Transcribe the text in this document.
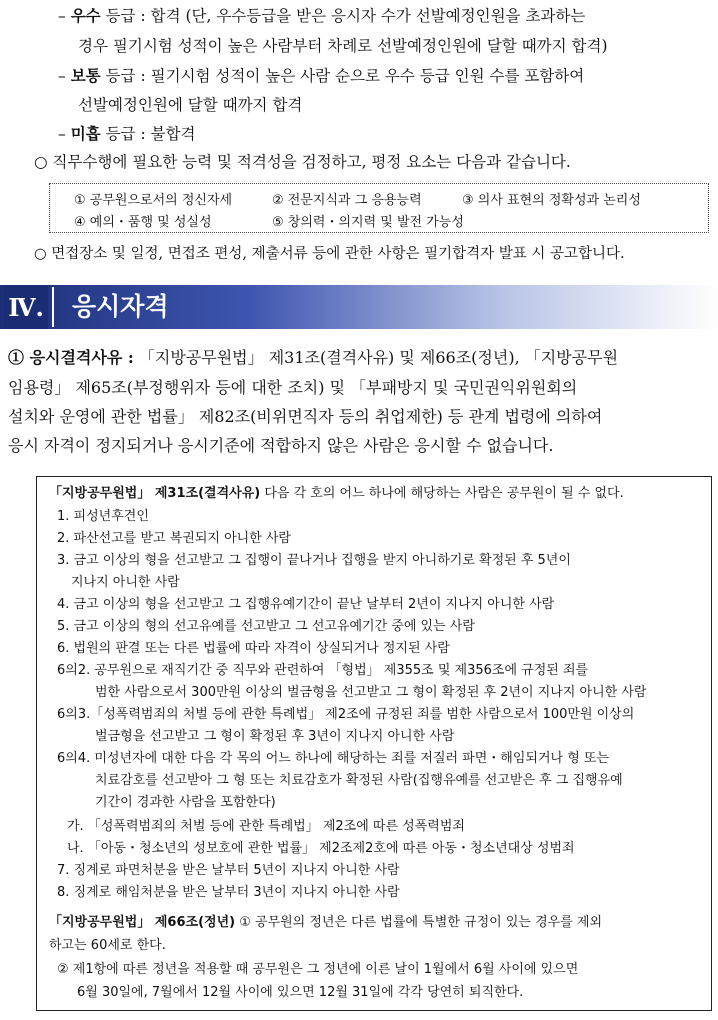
– 우수 등급 : 합격 (단, 우수등급을 받은 응시자 수가 선발예정인원을 초과하는
경우 필기시험 성적이 높은 사람부터 차례로 선발예정인원에 달할 때까지 합격)
– 보통 등급 : 필기시험 성적이 높은 사람 순으로 우수 등급 인원 수를 포함하여
선발예정인원에 달할 때까지 합격
– 미흡 등급 : 불합격
○ 직무수행에 필요한 능력 및 적격성을 검정하고, 평정 요소는 다음과 같습니다.
① 공무원으로서의 정신자세	② 전문지식과 그 응용능력	③ 의사 표현의 정확성과 논리성
④ 예의・품행 및 성실성	⑤ 창의력・의지력 및 발전 가능성
○ 면접장소 및 일정, 면접조 편성, 제출서류 등에 관한 사항은 필기합격자 발표 시 공고합니다.
Ⅳ. 응시자격
① 응시결격사유 : 「지방공무원법」 제31조(결격사유) 및 제66조(정년), 「지방공무원
임용령」 제65조(부정행위자 등에 대한 조치) 및 「부패방지 및 국민권익위원회의
설치와 운영에 관한 법률」 제82조(비위면직자 등의 취업제한) 등 관계 법령에 의하여
응시 자격이 정지되거나 응시기준에 적합하지 않은 사람은 응시할 수 없습니다.
「지방공무원법」 제31조(결격사유) 다음 각 호의 어느 하나에 해당하는 사람은 공무원이 될 수 없다.
1. 피성년후견인
2. 파산선고를 받고 복권되지 아니한 사람
3. 금고 이상의 형을 선고받고 그 집행이 끝나거나 집행을 받지 아니하기로 확정된 후 5년이
지나지 아니한 사람
4. 금고 이상의 형을 선고받고 그 집행유예기간이 끝난 날부터 2년이 지나지 아니한 사람
5. 금고 이상의 형의 선고유예를 선고받고 그 선고유예기간 중에 있는 사람
6. 법원의 판결 또는 다른 법률에 따라 자격이 상실되거나 정지된 사람
6의2. 공무원으로 재직기간 중 직무와 관련하여 「형법」 제355조 및 제356조에 규정된 죄를
범한 사람으로서 300만원 이상의 벌금형을 선고받고 그 형이 확정된 후 2년이 지나지 아니한 사람
6의3.「성폭력범죄의 처벌 등에 관한 특례법」 제2조에 규정된 죄를 범한 사람으로서 100만원 이상의
벌금형을 선고받고 그 형이 확정된 후 3년이 지나지 아니한 사람
6의4. 미성년자에 대한 다음 각 목의 어느 하나에 해당하는 죄를 저질러 파면・해임되거나 형 또는
치료감호를 선고받아 그 형 또는 치료감호가 확정된 사람(집행유예를 선고받은 후 그 집행유예
기간이 경과한 사람을 포함한다)
가. 「성폭력범죄의 처벌 등에 관한 특례법」 제2조에 따른 성폭력범죄
나. 「아동・청소년의 성보호에 관한 법률」 제2조제2호에 따른 아동・청소년대상 성범죄
7. 징계로 파면처분을 받은 날부터 5년이 지나지 아니한 사람
8. 징계로 해임처분을 받은 날부터 3년이 지나지 아니한 사람
「지방공무원법」 제66조(정년) ① 공무원의 정년은 다른 법률에 특별한 규정이 있는 경우를 제외
하고는 60세로 한다.
② 제1항에 따른 정년을 적용할 때 공무원은 그 정년에 이른 날이 1월에서 6월 사이에 있으면
6월 30일에, 7월에서 12월 사이에 있으면 12월 31일에 각각 당연히 퇴직한다.
